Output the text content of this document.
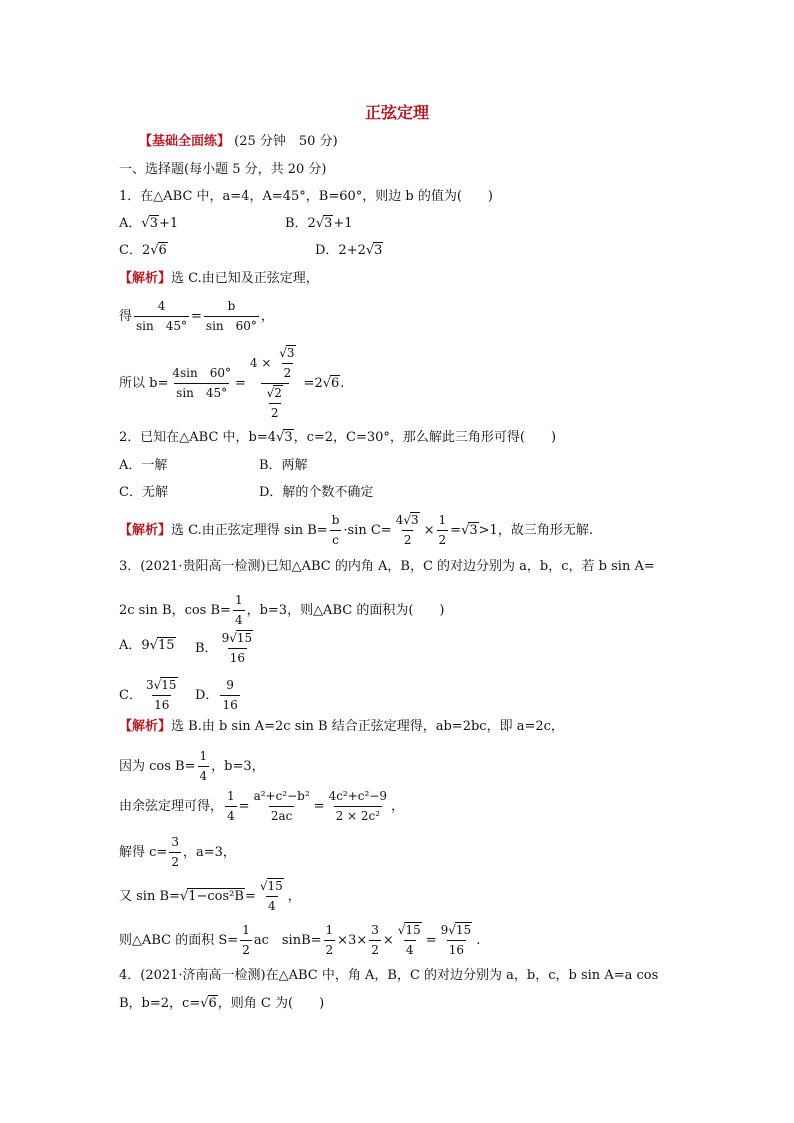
正弦定理
【基础全面练】 (25 分钟　50 分)
一、选择题(每小题 5 分，共 20 分)
1．在△ABC 中，a=4，A=45°，B=60°，则边 b 的值为(　　)
A．√3+1	B．2√3+1
C．2√6	D．2+2√3
【解析】选 C.由已知及正弦定理，
得 $\frac{4}{\sin 45^\circ} = \frac{b}{\sin 60^\circ}$ ，
所以 $b= \frac{4\sin 60^\circ}{\sin 45^\circ} = \frac{4 \times \frac{√3}{2}}{\frac{√2}{2}} =2√6$.
2．已知在△ABC 中，b=4√3，c=2，C=30°，那么解此三角形可得(　　)
A．一解	B．两解
C．无解	D．解的个数不确定
【解析】选 C.由正弦定理得 $\sin B= \frac{b}{c} \cdot\sin$ $C= \frac{4√3}{2} \times \frac{1}{2} =√3>1$，故三角形无解.
3．(2021·贵阳高一检测)已知△ABC 的内角 A，B，C 的对边分别为 a，b，c，若 b sin A=
2c sin B，$\cos B= \frac{1}{4}$ ，b=3，则△ABC 的面积为(　　)
A．9√15 B． $\frac{9√15}{16}$
C． $\frac{3√15}{16}$ D． $\frac{9}{16}$
【解析】选 B.由 b sin A=2c sin B 结合正弦定理得，ab=2bc，即 a=2c，
因为 $\cos B= \frac{1}{4}$ ，b=3，
由余弦定理可得， $\frac{1}{4} = \frac{\text{a²+c²−b²}}{2ac} = \frac{\text{4c²+c²−9}}{\text{2 × 2c²}}$ ，
解得 $c= \frac{3}{2}$ ，a=3，
又 $\sin B=√1-\cos^2B= \frac{√15}{4}$ ，
则△ABC 的面积 $S= \frac{1}{2}$ ac　$\sin B= \frac{1}{2} \times 3\times \frac{3}{2} \times \frac{√15}{4} = \frac{9√15}{16}$ .
4．(2021·济南高一检测)在△ABC 中，角 A，B，C 的对边分别为 a，b，c，b sin A=a cos
B，b=2，c=√6，则角 C 为(　　)
